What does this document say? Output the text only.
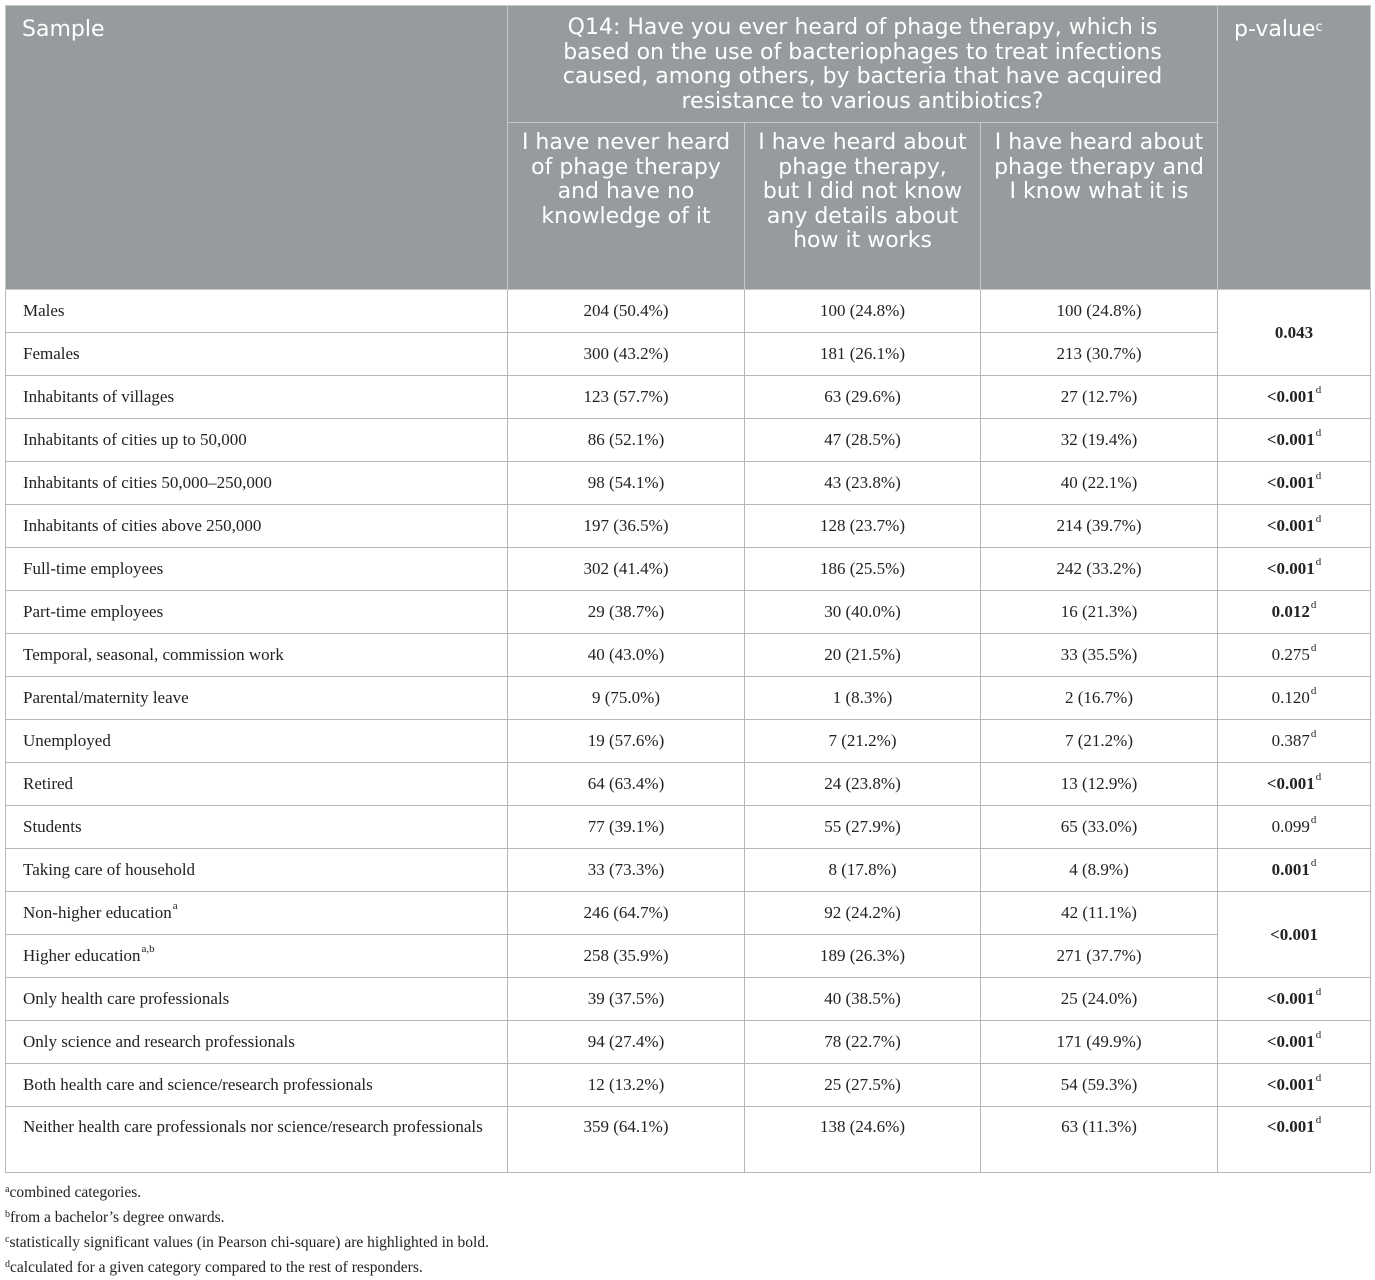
Sample	Q14: Have you ever heard of phage therapy, which is based on the use of bacteriophages to treat infections caused, among others, by bacteria that have acquired resistance to various antibiotics?			p-value$^c$
	I have never heard of phage therapy and have no knowledge of it	I have heard about phage therapy, but I did not know any details about how it works	I have heard about phage therapy and I know what it is	
Males	204 (50.4%)	100 (24.8%)	100 (24.8%)	0.043
Females	300 (43.2%)	181 (26.1%)	213 (30.7%)	
Inhabitants of villages	123 (57.7%)	63 (29.6%)	27 (12.7%)	<0.001$^d$
Inhabitants of cities up to 50,000	86 (52.1%)	47 (28.5%)	32 (19.4%)	<0.001$^d$
Inhabitants of cities 50,000–250,000	98 (54.1%)	43 (23.8%)	40 (22.1%)	<0.001$^d$
Inhabitants of cities above 250,000	197 (36.5%)	128 (23.7%)	214 (39.7%)	<0.001$^d$
Full-time employees	302 (41.4%)	186 (25.5%)	242 (33.2%)	<0.001$^d$
Part-time employees	29 (38.7%)	30 (40.0%)	16 (21.3%)	0.012$^d$
Temporal, seasonal, commission work	40 (43.0%)	20 (21.5%)	33 (35.5%)	0.275$^d$
Parental/maternity leave	9 (75.0%)	1 (8.3%)	2 (16.7%)	0.120$^d$
Unemployed	19 (57.6%)	7 (21.2%)	7 (21.2%)	0.387$^d$
Retired	64 (63.4%)	24 (23.8%)	13 (12.9%)	<0.001$^d$
Students	77 (39.1%)	55 (27.9%)	65 (33.0%)	0.099$^d$
Taking care of household	33 (73.3%)	8 (17.8%)	4 (8.9%)	0.001$^d$
Non-higher education$^a$	246 (64.7%)	92 (24.2%)	42 (11.1%)	<0.001
Higher education$^{a,b}$	258 (35.9%)	189 (26.3%)	271 (37.7%)	
Only health care professionals	39 (37.5%)	40 (38.5%)	25 (24.0%)	<0.001$^d$
Only science and research professionals	94 (27.4%)	78 (22.7%)	171 (49.9%)	<0.001$^d$
Both health care and science/research professionals	12 (13.2%)	25 (27.5%)	54 (59.3%)	<0.001$^d$
Neither health care professionals nor science/research professionals	359 (64.1%)	138 (24.6%)	63 (11.3%)	<0.001$^d$
$^a$combined categories.
$^b$from a bachelor’s degree onwards.
$^c$statistically significant values (in Pearson chi-square) are highlighted in bold.
$^d$calculated for a given category compared to the rest of responders.
